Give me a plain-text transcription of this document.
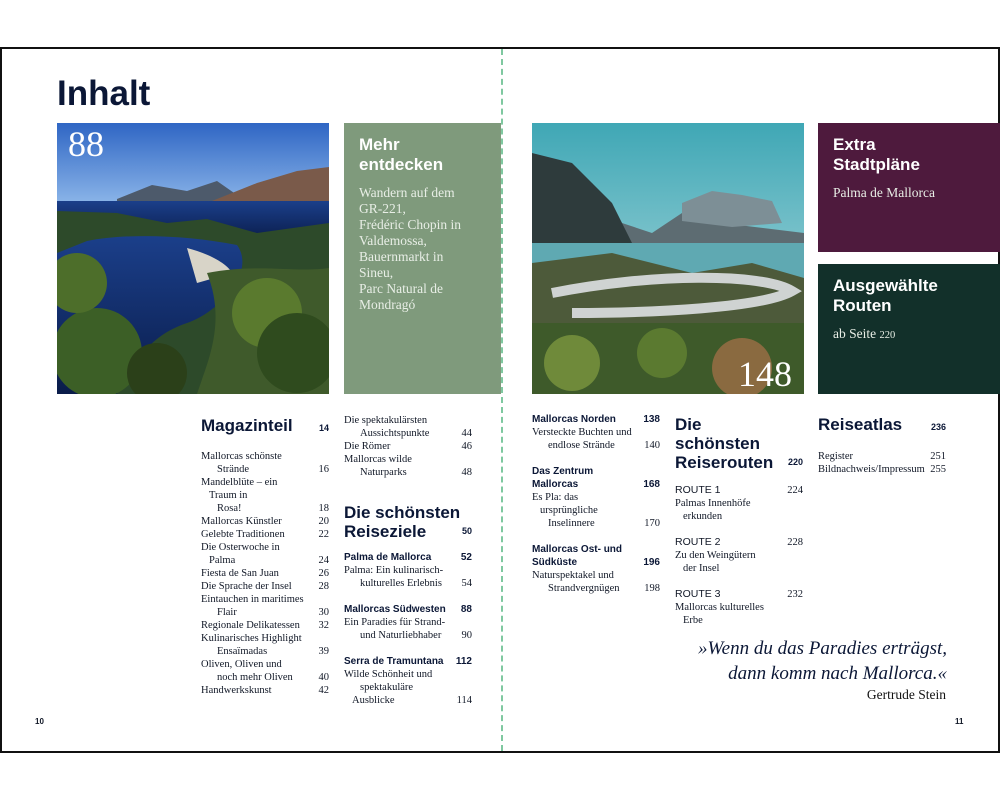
Inhalt
88	Mehr
entdecken
Wandern auf dem
GR-221,
Frédéric Chopin in
Valdemossa,
Bauernmarkt in
Sineu,
Parc Natural de
Mondragó
148
Extra
Stadtpläne
Palma de Mallorca
Ausgewählte
Routen
ab Seite 220
Magazinteil	14
Mallorcas schönste
Strände	16
Mandelblüte – ein Traum in
Rosa!	18
Mallorcas Künstler	20
Gelebte Traditionen	22
Die Osterwoche in Palma	24
Fiesta de San Juan	26
Die Sprache der Insel	28
Eintauchen in maritimes
Flair	30
Regionale Delikatessen	32
Kulinarisches Highlight
Ensaïmadas	39
Oliven, Oliven und
noch mehr Oliven	40
Handwerkskunst	42
Die spektakulärsten
Aussichtspunkte	44
Die Römer	46
Mallorcas wilde
Naturparks	48
Die schönsten
Reiseziele	50
Palma de Mallorca	52
Palma: Ein kulinarisch-
kulturelles Erlebnis	54
Mallorcas Südwesten	88
Ein Paradies für Strand-
und Naturliebhaber	90
Serra de Tramuntana	112
Wilde Schönheit und
spektakuläre Ausblicke	114
Mallorcas Norden	138
Versteckte Buchten und
endlose Strände	140
Das Zentrum
Mallorcas	168
Es Pla: das ursprüngliche
Inselinnere	170
Mallorcas Ost- und
Südküste	196
Naturspektakel und
Strandvergnügen	198
Die schönsten
Reiserouten	220
ROUTE 1	224
Palmas Innenhöfe
erkunden
ROUTE 2	228
Zu den Weingütern
der Insel
ROUTE 3	232
Mallorcas kulturelles
Erbe
Reiseatlas	236
Register	251
Bildnachweis/Impressum 255
»Wenn du das Paradies erträgst,
dann komm nach Mallorca.«
Gertrude Stein
10	11
